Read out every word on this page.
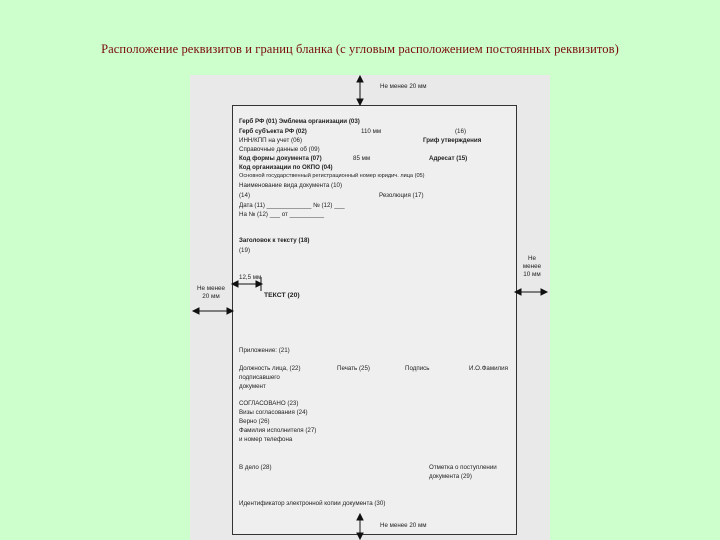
Расположение реквизитов и границ бланка (с угловым расположением постоянных реквизитов)
Герб РФ (01) Эмблема организации (03)
Герб субъекта РФ (02)	110 мм	(16)
ИНН/КПП на учет (06)	Гриф утверждения
Справочные данные об (09)
Код формы документа (07)	85 мм	Адресат (15)
Код организации по ОКПО (04)
Основной государственный регистрационный номер юридич. лица (05)
Наименование вида документа (10)
(14)	Резолюция (17)
Дата (11) _____________ № (12) ___
На № (12) ___ от __________
Заголовок к тексту (18)
(19)
12,5 мм
ТЕКСТ (20)
Приложение: (21)
Должность лица, (22)
подписавшего
документ
Печать (25)	Подпись	И.О.Фамилия
СОГЛАСОВАНО (23)
Визы согласования (24)
Верно (26)
Фамилия исполнителя (27)
и номер телефона
В дело (28)	Отметка о поступлении
документа (29)
Идентификатор электронной копии документа (30)
Не менее 20 мм
Не менее 20 мм
Не менее
20 мм
Не
менее
10 мм
